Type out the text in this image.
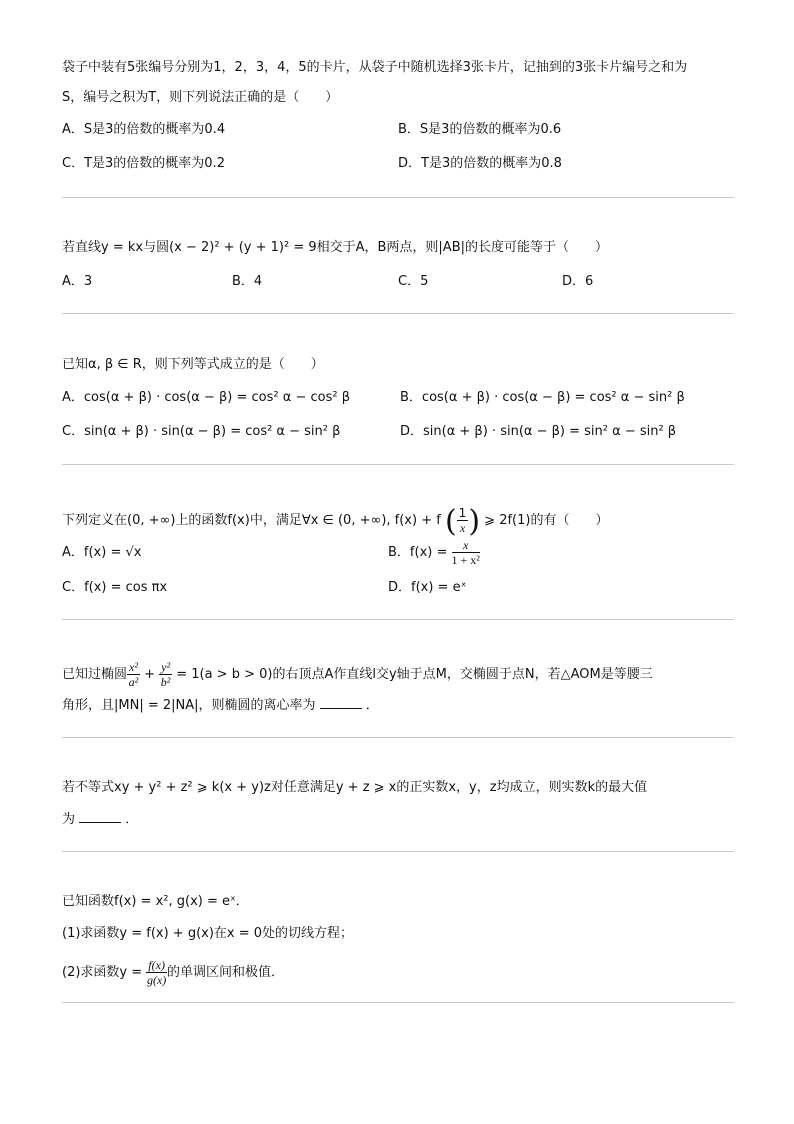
袋子中装有5张编号分别为1，2，3，4，5的卡片，从袋子中随机选择3张卡片，记抽到的3张卡片编号之和为
S，编号之积为T，则下列说法正确的是（　　）
A．S是3的倍数的概率为0.4	B．S是3的倍数的概率为0.6
C．T是3的倍数的概率为0.2	D．T是3的倍数的概率为0.8
若直线y = kx与圆(x − 2)² + (y + 1)² = 9相交于A，B两点，则|AB|的长度可能等于（　　）
A．3	B．4	C．5	D．6
已知α, β ∈ R，则下列等式成立的是（　　）
A．cos(α + β) · cos(α − β) = cos² α − cos² β	B．cos(α + β) · cos(α − β) = cos² α − sin² β
C．sin(α + β) · sin(α − β) = cos² α − sin² β	D．sin(α + β) · sin(α − β) = sin² α − sin² β
下列定义在(0, +∞)上的函数f(x)中，满足∀x ∈ (0, +∞), f(x) + f ( $\frac{1}{x}$ ) ⩾ 2f(1)的有（　　）
A．f(x) = √x	B．$f(x) = \frac{x}{\text{1 + x²}}$
C．f(x) = cos πx	D．f(x) = eˣ
已知过椭圆 $\frac{\text{x²}}{\text{a²}} + \frac{\text{y²}}{\text{b²}} = 1(a > b > 0)$的右顶点A作直线l交y轴于点M，交椭圆于点N，若△AOM是等腰三
角形，且|MN| = 2|NA|，则椭圆的离心率为	．
若不等式xy + y² + z² ⩾ k(x + y)z对任意满足y + z ⩾ x的正实数x，y，z均成立，则实数k的最大值
为	．
已知函数f(x) = x², g(x) = eˣ．
(1)求函数y = f(x) + g(x)在x = 0处的切线方程；
(2)求函数$y = \frac{f(x)}{g(x)}$ 的单调区间和极值．
